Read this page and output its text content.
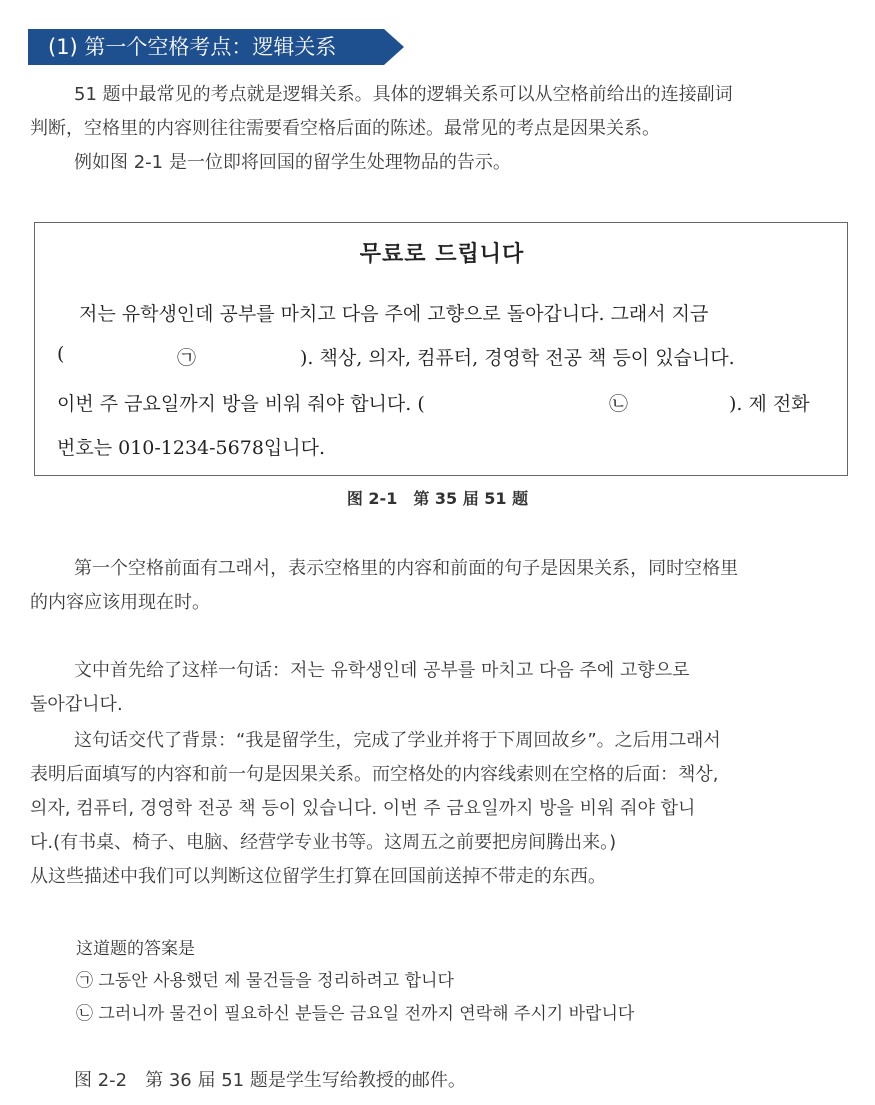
(1) 第一个空格考点：逻辑关系

51 题中最常见的考点就是逻辑关系。具体的逻辑关系可以从空格前给出的连接副词

判断，空格里的内容则往往需要看空格后面的陈述。最常见的考点是因果关系。

例如图 2-1 是一位即将回国的留学生处理物品的告示。

무료로 드립니다
저는 유학생인데 공부를 마치고 다음 주에 고향으로 돌아갑니다. 그래서 지금
(	㉠	). 책상, 의자, 컴퓨터, 경영학 전공 책 등이 있습니다.
이번 주 금요일까지 방을 비워 줘야 합니다. (	㉡	). 제 전화
번호는 010-1234-5678입니다.
图 2-1　第 35 届 51 题

第一个空格前面有그래서，表示空格里的内容和前面的句子是因果关系，同时空格里

的内容应该用现在时。

文中首先给了这样一句话：저는 유학생인데 공부를 마치고 다음 주에 고향으로

돌아갑니다.

这句话交代了背景：“我是留学生，完成了学业并将于下周回故乡”。之后用그래서

表明后面填写的内容和前一句是因果关系。而空格处的内容线索则在空格的后面：책상,

의자, 컴퓨터, 경영학 전공 책 등이 있습니다. 이번 주 금요일까지 방을 비워 줘야 합니

다.(有书桌、椅子、电脑、经营学专业书等。这周五之前要把房间腾出来。)

从这些描述中我们可以判断这位留学生打算在回国前送掉不带走的东西。

这道题的答案是
㉠ 그동안 사용했던 제 물건들을 정리하려고 합니다
㉡ 그러니까 물건이 필요하신 분들은 금요일 전까지 연락해 주시기 바랍니다

图 2-2　第 36 届 51 题是学生写给教授的邮件。
